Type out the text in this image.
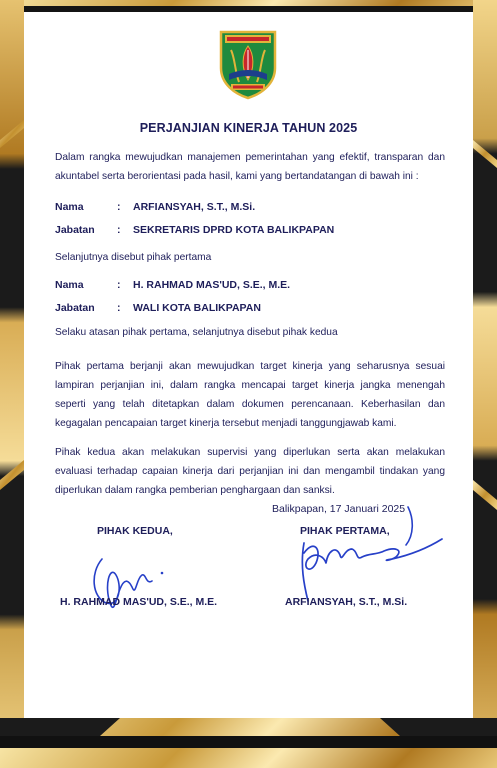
PERJANJIAN KINERJA TAHUN 2025
Dalam rangka mewujudkan manajemen pemerintahan yang efektif, transparan dan akuntabel serta berorientasi pada hasil, kami yang bertandatangan di bawah ini :
Nama	: ARFIANSYAH, S.T., M.Si.
Jabatan : SEKRETARIS DPRD KOTA BALIKPAPAN
Selanjutnya disebut pihak pertama
Nama	: H. RAHMAD MAS'UD, S.E., M.E.
Jabatan : WALI KOTA BALIKPAPAN
Selaku atasan pihak pertama, selanjutnya disebut pihak kedua
Pihak pertama berjanji akan mewujudkan target kinerja yang seharusnya sesuai lampiran perjanjian ini, dalam rangka mencapai target kinerja jangka menengah seperti yang telah ditetapkan dalam dokumen perencanaan. Keberhasilan dan kegagalan pencapaian target kinerja tersebut menjadi tanggungjawab kami.
Pihak kedua akan melakukan supervisi yang diperlukan serta akan melakukan evaluasi terhadap capaian kinerja dari perjanjian ini dan mengambil tindakan yang diperlukan dalam rangka pemberian penghargaan dan sanksi.
Balikpapan, 17 Januari 2025
PIHAK KEDUA,	PIHAK PERTAMA,
H. RAHMAD MAS'UD, S.E., M.E.	ARFIANSYAH, S.T., M.Si.
